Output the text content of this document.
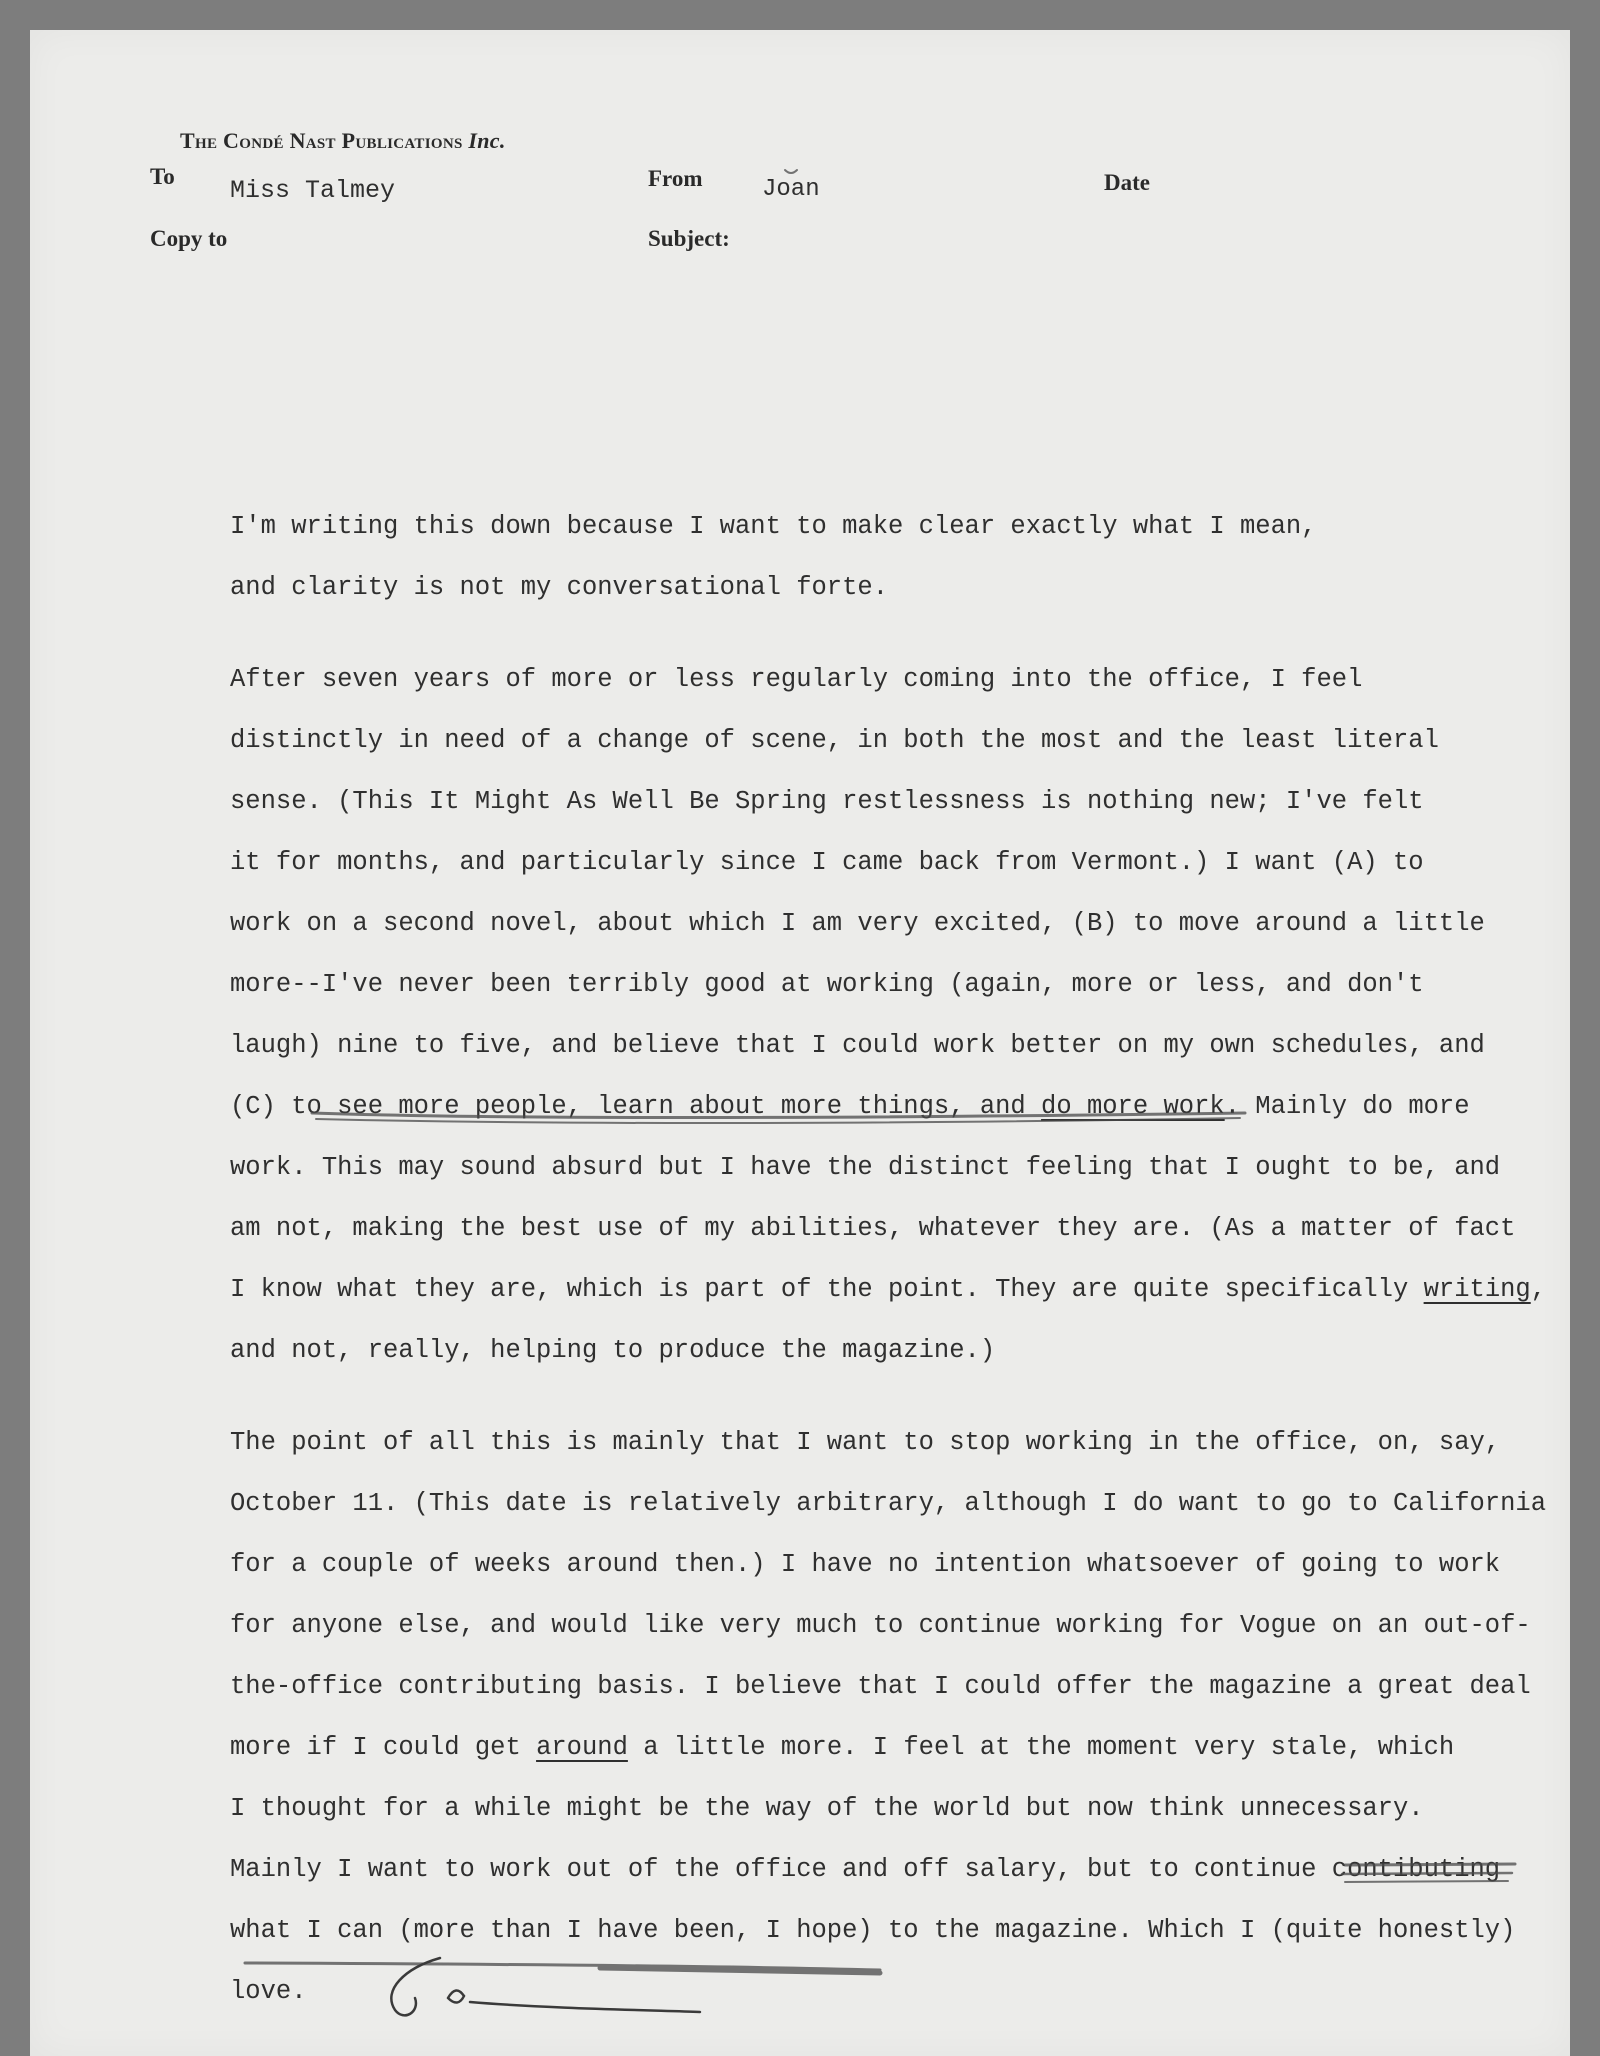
The Condé Nast Publications Inc.
To Miss Talmey
Copy to
From Joan
Subject:
Date
I'm writing this down because I want to make clear exactly what I mean,
and clarity is not my conversational forte.
After seven years of more or less regularly coming into the office, I feel
distinctly in need of a change of scene, in both the most and the least literal
sense. (This It Might As Well Be Spring restlessness is nothing new; I've felt
it for months, and particularly since I came back from Vermont.) I want (A) to
work on a second novel, about which I am very excited, (B) to move around a little
more--I've never been terribly good at working (again, more or less, and don't
laugh) nine to five, and believe that I could work better on my own schedules, and
(C) to see more people, learn about more things, and do more work. Mainly do more
work. This may sound absurd but I have the distinct feeling that I ought to be, and
am not, making the best use of my abilities, whatever they are. (As a matter of fact
I know what they are, which is part of the point. They are quite specifically writing,
and not, really, helping to produce the magazine.)
The point of all this is mainly that I want to stop working in the office, on, say,
October 11. (This date is relatively arbitrary, although I do want to go to California
for a couple of weeks around then.) I have no intention whatsoever of going to work
for anyone else, and would like very much to continue working for Vogue on an out-of-
the-office contributing basis. I believe that I could offer the magazine a great deal
more if I could get around a little more. I feel at the moment very stale, which
I thought for a while might be the way of the world but now think unnecessary.
Mainly I want to work out of the office and off salary, but to continue contibuting
what I can (more than I have been, I hope) to the magazine. Which I (quite honestly)
love.
